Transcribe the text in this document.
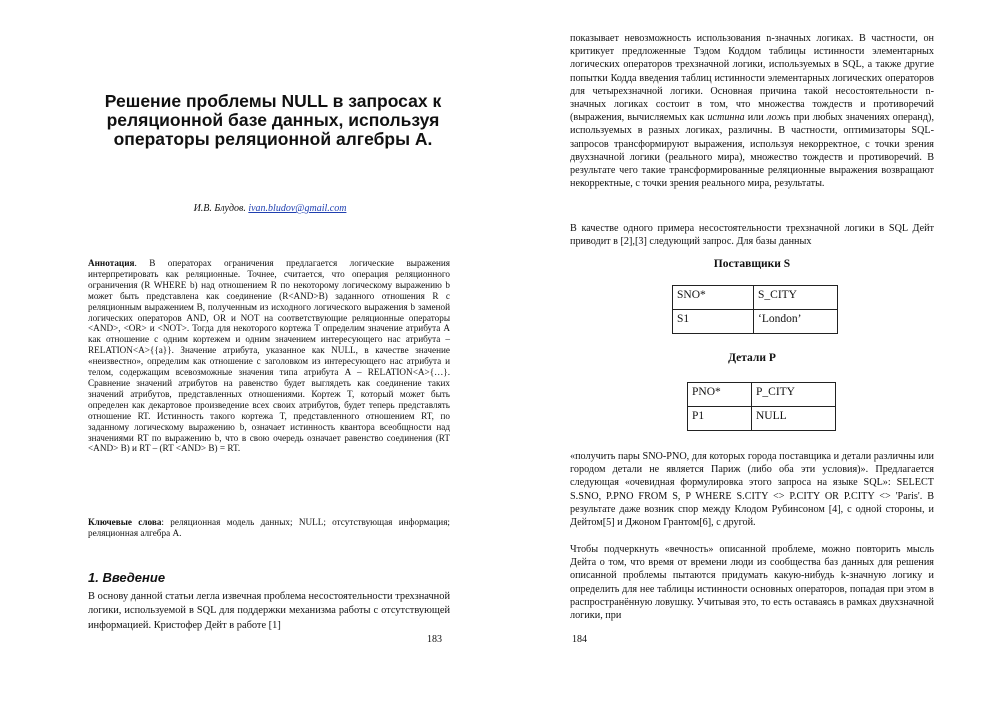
Решение проблемы NULL в запросах к реляционной базе данных, используя операторы реляционной алгебры А.
И.В. Блудов. ivan.bludov@gmail.com

Аннотация. В операторах ограничения предлагается логические выражения интерпретировать как реляционные. Точнее, считается, что операция реляционного ограничения (R WHERE b) над отношением R по некоторому логическому выражению b может быть представлена как соединение (R<AND>B) заданного отношения R с реляционным выражением B, полученным из исходного логического выражения b заменой логических операторов AND, OR и NOT на соответствующие реляционные операторы <AND>, <OR> и <NOT>. Тогда для некоторого кортежа T определим значение атрибута A как отношение с одним кортежем и одним значением интересующего нас атрибута – RELATION<A>{{a}}. Значение атрибута, указанное как NULL, в качестве значение «неизвестно», определим как отношение с заголовком из интересующего нас атрибута и телом, содержащим всевозможные значения типа атрибута A – RELATION<A>{…}. Сравнение значений атрибутов на равенство будет выглядеть как соединение таких значений атрибутов, представленных отношениями. Кортеж T, который может быть определен как декартовое произведение всех своих атрибутов, будет теперь представлять отношение RT. Истинность такого кортежа T, представленного отношением RT, по заданному логическому выражению b, означает истинность квантора всеобщности над значениями RT по выражению b, что в свою очередь означает равенство соединения (RT <AND> B) и RT – (RT <AND> B) = RT.

Ключевые слова: реляционная модель данных; NULL; отсутствующая информация; реляционная алгебра А.

1. Введение

В основу данной статьи легла извечная проблема несостоятельности трехзначной логики, используемой в SQL для поддержки механизма работы с отсутствующей информацией. Кристофер Дейт в работе [1]

183

показывает невозможность использования n-значных логиках. В частности, он критикует предложенные Тэдом Коддом таблицы истинности элементарных логических операторов трехзначной логики, используемых в SQL, а также другие попытки Кодда введения таблиц истинности элементарных логических операторов для четырехзначной логики. Основная причина такой несостоятельности n-значных логиках состоит в том, что множества тождеств и противоречий (выражения, вычисляемых как истинна или ложь при любых значениях операнд), используемых в разных логиках, различны. В частности, оптимизаторы SQL-запросов трансформируют выражения, используя некорректное, с точки зрения двухзначной логики (реального мира), множество тождеств и противоречий. В результате чего такие трансформированные реляционные выражения возвращают некорректные, с точки зрения реального мира, результаты.

В качестве одного примера несостоятельности трехзначной логики в SQL Дейт приводит в [2],[3] следующий запрос. Для базы данных

Поставщики S
SNO*	S_CITY
S1	‘London’
Детали P
PNO*	P_CITY
P1	NULL

«получить пары SNO-PNO, для которых города поставщика и детали различны или городом детали не является Париж (либо оба эти условия)». Предлагается следующая «очевидная формулировка этого запроса на языке SQL»: SELECT S.SNO, P.PNO FROM S, P WHERE S.CITY <> P.CITY OR P.CITY <> 'Paris'. В результате даже возник спор между Клодом Рубинсоном [4], с одной стороны, и Дейтом[5] и Джоном Грантом[6], с другой.

Чтобы подчеркнуть «вечность» описанной проблеме, можно повторить мысль Дейта о том, что время от времени люди из сообщества баз данных для решения описанной проблемы пытаются придумать какую-нибудь k-значную логику и определить для нее таблицы истинности основных операторов, попадая при этом в распространённую ловушку. Учитывая это, то есть оставаясь в рамках двухзначной логики, при

184
